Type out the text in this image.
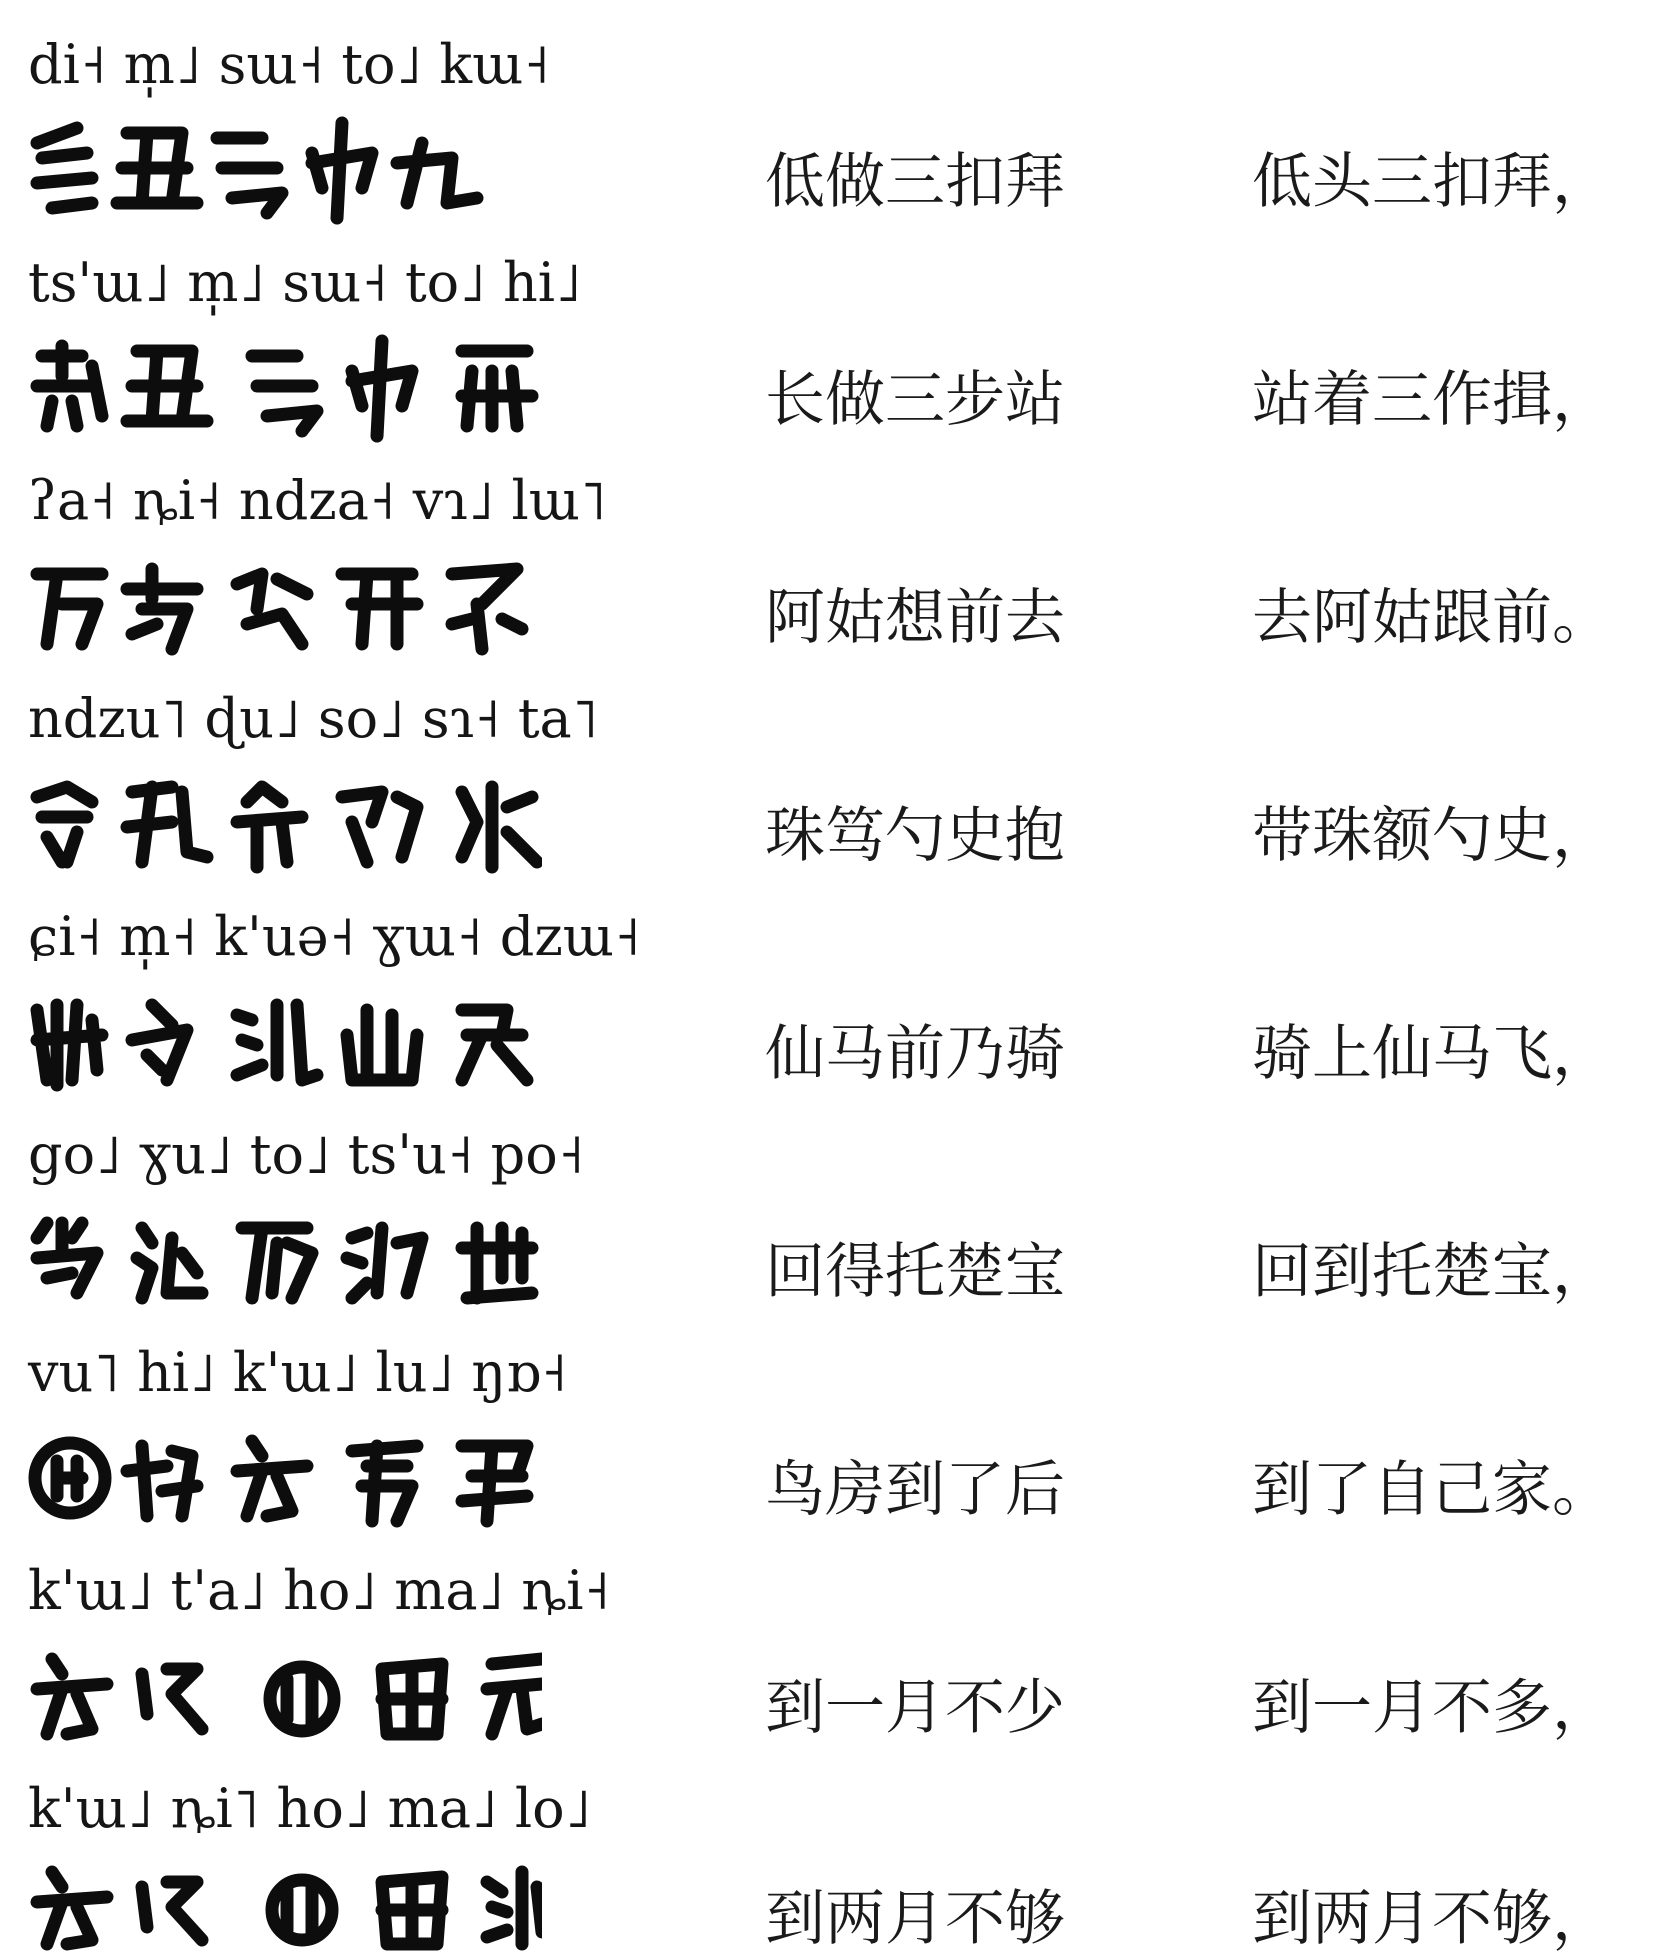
di˧ m̩˩ sɯ˧ to˩ kɯ˧
低做三扣拜	低头三扣拜，
ts'ɯ˩ m̩˩ sɯ˧ to˩ hi˩
长做三步站	站着三作揖，
ʔa˧ ȵi˧ ndza˧ vɿ˩ lɯ˥
阿姑想前去	去阿姑跟前。
ndzu˥ ɖu˩ so˩ sɿ˧ ta˥
珠笃勺史抱	带珠额勺史，
ɕi˧ m̩˧ k'uə˧ ɣɯ˧ dzɯ˧
仙马前乃骑	骑上仙马飞，
go˩ ɣu˩ to˩ ts'u˧ po˧
回得托楚宝	回到托楚宝，
vu˥ hi˩ k'ɯ˩ lu˩ ŋɒ˧
鸟房到了后	到了自己家。
k'ɯ˩ t'a˩ ho˩ ma˩ ȵi˧
到一月不少	到一月不多，
k'ɯ˩ ȵi˥ ho˩ ma˩ lo˩
到两月不够	到两月不够，
